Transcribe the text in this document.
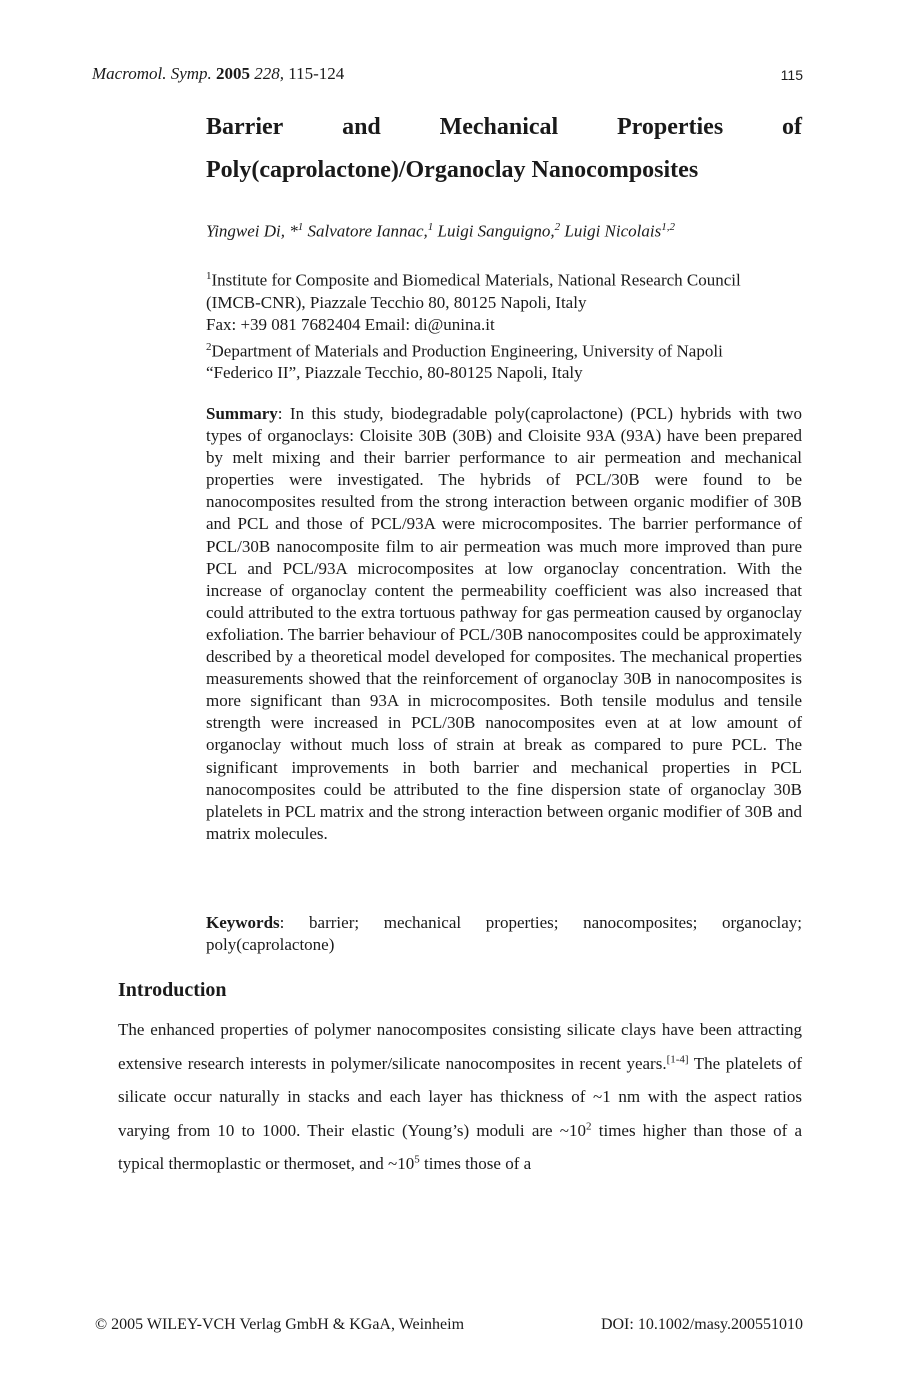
Macromol. Symp. 2005 228, 115-124	115
Barrier and Mechanical Properties of
Poly(caprolactone)/Organoclay Nanocomposites
Yingwei Di, *$^1$ Salvatore Iannac,$^1$ Luigi Sanguigno,$^2$ Luigi Nicolais$^{1,2}$
$^1$Institute for Composite and Biomedical Materials, National Research Council
(IMCB-CNR), Piazzale Tecchio 80, 80125 Napoli, Italy
Fax: +39 081 7682404 Email: di@unina.it
$^2$Department of Materials and Production Engineering, University of Napoli
“Federico II”, Piazzale Tecchio, 80-80125 Napoli, Italy
Summary: In this study, biodegradable poly(caprolactone) (PCL) hybrids with two types of organoclays: Cloisite 30B (30B) and Cloisite 93A (93A) have been prepared by melt mixing and their barrier performance to air permeation and mechanical properties were investigated. The hybrids of PCL/30B were found to be nanocomposites resulted from the strong interaction between organic modifier of 30B and PCL and those of PCL/93A were microcomposites. The barrier performance of PCL/30B nanocomposite film to air permeation was much more improved than pure PCL and PCL/93A microcomposites at low organoclay concentration. With the increase of organoclay content the permeability coefficient was also increased that could attributed to the extra tortuous pathway for gas permeation caused by organoclay exfoliation. The barrier behaviour of PCL/30B nanocomposites could be approximately described by a theoretical model developed for composites. The mechanical properties measurements showed that the reinforcement of organoclay 30B in nanocomposites is more significant than 93A in microcomposites. Both tensile modulus and tensile strength were increased in PCL/30B nanocomposites even at at low amount of organoclay without much loss of strain at break as compared to pure PCL. The significant improvements in both barrier and mechanical properties in PCL nanocomposites could be attributed to the fine dispersion state of organoclay 30B platelets in PCL matrix and the strong interaction between organic modifier of 30B and matrix molecules.
Keywords: barrier; mechanical properties; nanocomposites; organoclay; poly(caprolactone)
Introduction
The enhanced properties of polymer nanocomposites consisting silicate clays have been attracting extensive research interests in polymer/silicate nanocomposites in recent years.[1-4] The platelets of silicate occur naturally in stacks and each layer has thickness of ~1 nm with the aspect ratios varying from 10 to 1000. Their elastic (Young’s) moduli are $\sim 10^2$ times higher than those of a typical thermoplastic or thermoset, and $\sim 10^5$ times those of a
© 2005 WILEY-VCH Verlag GmbH & KGaA, Weinheim	DOI: 10.1002/masy.200551010
